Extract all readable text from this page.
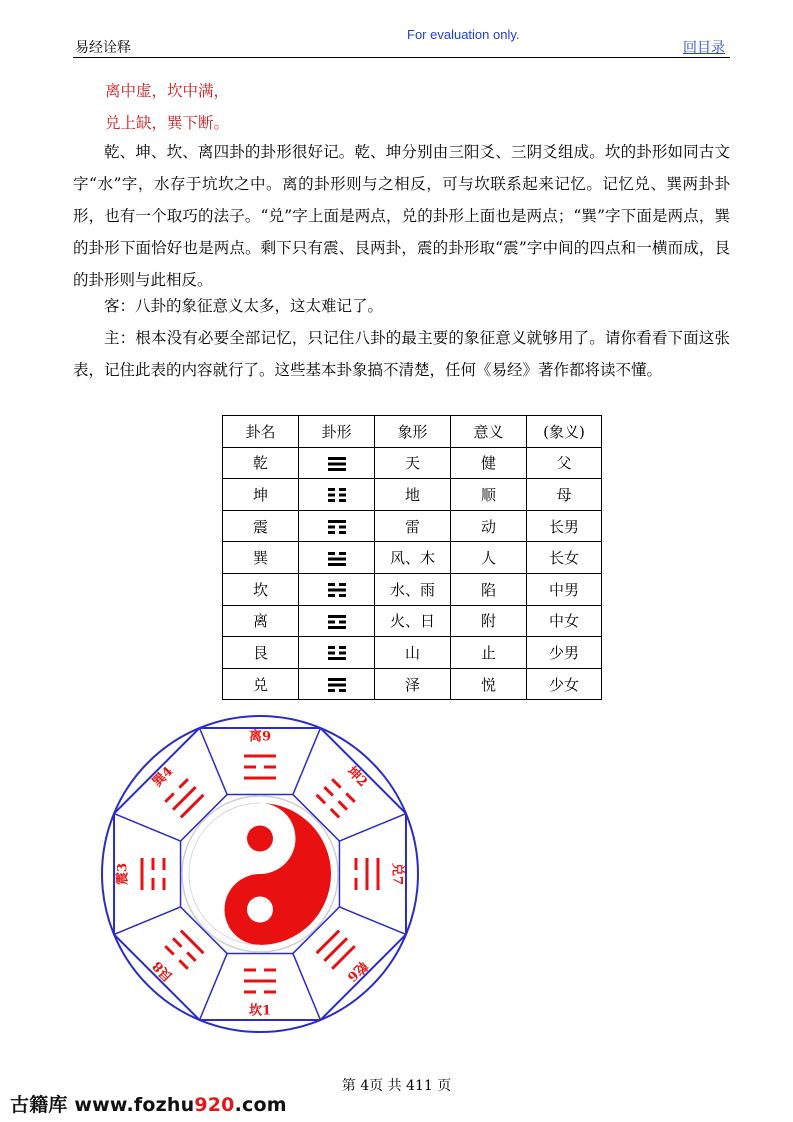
易经诠释
For evaluation only.
回目录
离中虚，坎中满，
兑上缺，巽下断。

乾、坤、坎、离四卦的卦形很好记。乾、坤分别由三阳爻、三阴爻组成。坎的卦形如同古文字“水”字，水存于坑坎之中。离的卦形则与之相反，可与坎联系起来记忆。记忆兑、巽两卦卦形，也有一个取巧的法子。“兑”字上面是两点，兑的卦形上面也是两点；“巽”字下面是两点，巽的卦形下面恰好也是两点。剩下只有震、艮两卦，震的卦形取“震”字中间的四点和一横而成，艮的卦形则与此相反。

客：八卦的象征意义太多，这太难记了。

主：根本没有必要全部记忆，只记住八卦的最主要的象征意义就够用了。请你看看下面这张表，记住此表的内容就行了。这些基本卦象搞不清楚，任何《易经》著作都将读不懂。

卦名	卦形	象形	意义	(象义)
乾		天	健	父
坤		地	顺	母
震		雷	动	长男
巽		风、木	人	长女
坎		水、雨	陷	中男
离		火、日	附	中女
艮		山	止	少男
兑		泽	悦	少女
坎1
坤2
震3
巽4
乾6
兑7
艮8
离9
第 4页 共 411 页
古籍库 www.fozhu920.com
